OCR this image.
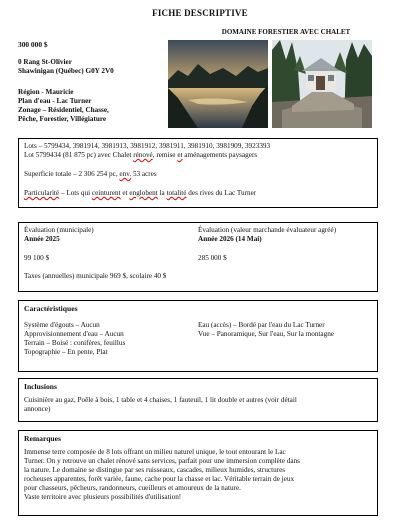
FICHE DESCRIPTIVE
DOMAINE FORESTIER AVEC CHALET
300 000 $
0 Rang St-Olivier
Shawinigan (Québec) G0Y 2V0
Région - Mauricie
Plan d'eau - Lac Turner
Zonage – Résidentiel, Chasse,
Pêche, Forestier, Villégiature
Lots – 5799434, 3981914, 3981913, 3981912, 3981911, 3981910, 3981909, 3923393
Lot 5799434 (81 875 pc) avec Chalet rénové, remise et aménagements paysagers
Superficie totale – 2 306 254 pc, env. 53 acres
Particularité – Lots qui ceinturent et englobent la totalité des rives du Lac Turner
Évaluation (municipale)
Année 2025
99 100 $
Évaluation (valeur marchande évaluateur agréé)
Année 2026 (14 Mai)
285 000 $
Taxes (annuelles) municipale 969 $, scolaire 40 $
Caractéristiques
Système d'égouts – Aucun
Approvisionnement d'eau – Aucun
Terrain – Boisé : conifères, feuillus
Topographie – En pente, Plat
Eau (accès) – Bordé par l'eau du Lac Turner
Vue – Panoramique, Sur l'eau, Sur la montagne
Inclusions
Cuisinière au gaz, Poêle à bois, 1 table et 4 chaises, 1 fauteuil, 1 lit double et autres (voir détail
annonce)
Remarques
Immense terre composée de 8 lots offrant un milieu naturel unique, le tout entourant le Lac
Turner. On y retrouve un chalet rénové sans services, parfait pour une immersion complète dans
la nature. Le domaine se distingue par ses ruisseaux, cascades, milieux humides, structures
rocheuses apparentes, forêt variée, faune, cache pour la chasse et lac. Véritable terrain de jeux
pour chasseurs, pêcheurs, randonneurs, cueilleurs et amoureux de la nature.
Vaste territoire avec plusieurs possibilités d'utilisation!
